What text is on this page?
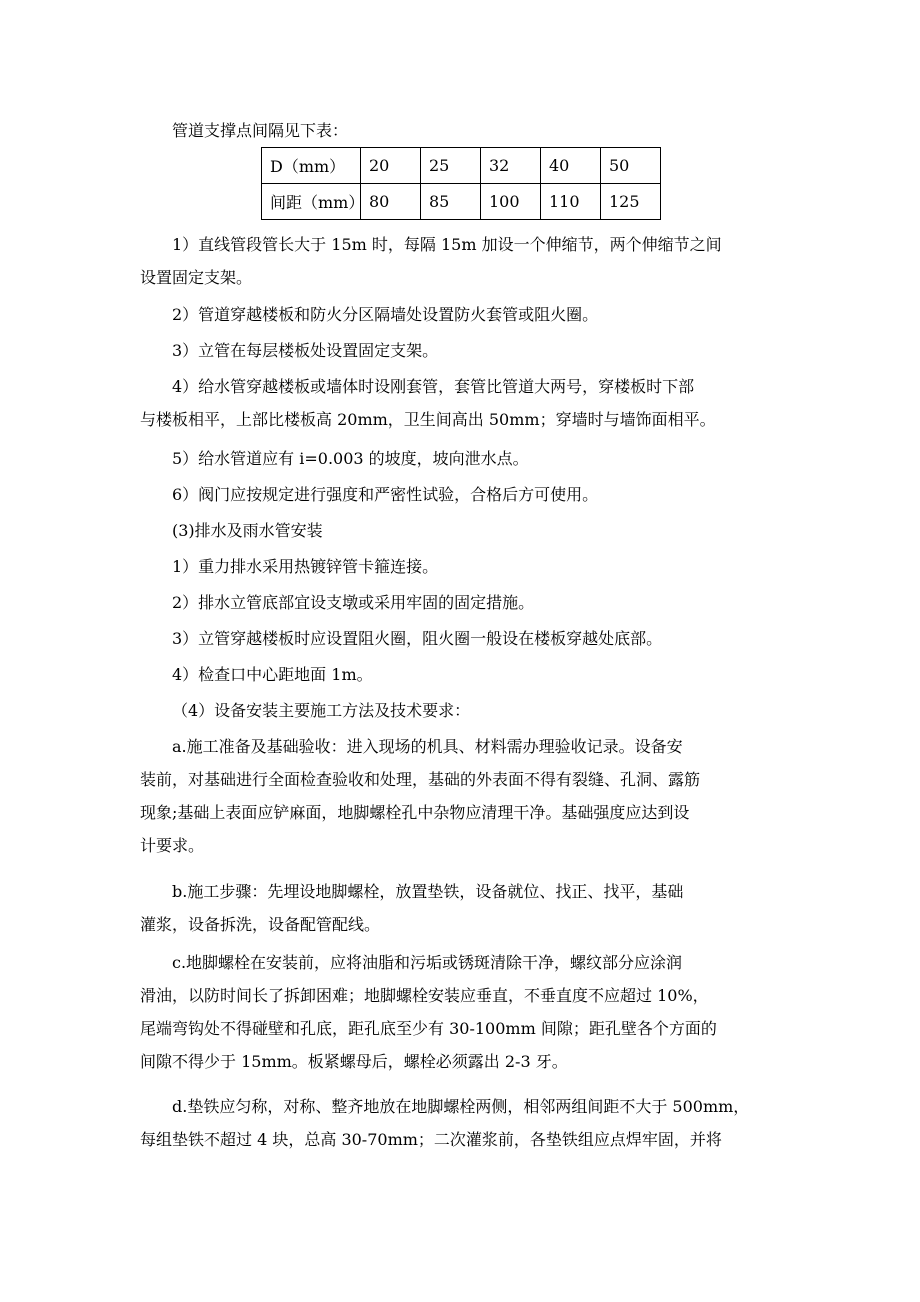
管道支撑点间隔见下表：
D（mm）	20	25	32	40	50
间距（mm）	80	85	100	110	125
1）直线管段管长大于 15m 时，每隔 15m 加设一个伸缩节，两个伸缩节之间
设置固定支架。
2）管道穿越楼板和防火分区隔墙处设置防火套管或阻火圈。
3）立管在每层楼板处设置固定支架。
4）给水管穿越楼板或墙体时设刚套管，套管比管道大两号，穿楼板时下部
与楼板相平，上部比楼板高 20mm，卫生间高出 50mm；穿墙时与墙饰面相平。
5）给水管道应有 i=0.003 的坡度，坡向泄水点。
6）阀门应按规定进行强度和严密性试验，合格后方可使用。
(3)排水及雨水管安装
1）重力排水采用热镀锌管卡箍连接。
2）排水立管底部宜设支墩或采用牢固的固定措施。
3）立管穿越楼板时应设置阻火圈，阻火圈一般设在楼板穿越处底部。
4）检查口中心距地面 1m。
（4）设备安装主要施工方法及技术要求：
a.施工准备及基础验收：进入现场的机具、材料需办理验收记录。设备安
装前，对基础进行全面检查验收和处理，基础的外表面不得有裂缝、孔洞、露筋
现象;基础上表面应铲麻面，地脚螺栓孔中杂物应清理干净。基础强度应达到设
计要求。
b.施工步骤：先埋设地脚螺栓，放置垫铁，设备就位、找正、找平，基础
灌浆，设备拆洗，设备配管配线。
c.地脚螺栓在安装前，应将油脂和污垢或锈斑清除干净，螺纹部分应涂润
滑油，以防时间长了拆卸困难；地脚螺栓安装应垂直，不垂直度不应超过 10%，
尾端弯钩处不得碰壁和孔底，距孔底至少有 30-100mm 间隙；距孔壁各个方面的
间隙不得少于 15mm。板紧螺母后，螺栓必须露出 2-3 牙。
d.垫铁应匀称，对称、整齐地放在地脚螺栓两侧，相邻两组间距不大于 500mm，
每组垫铁不超过 4 块，总高 30-70mm；二次灌浆前，各垫铁组应点焊牢固，并将
